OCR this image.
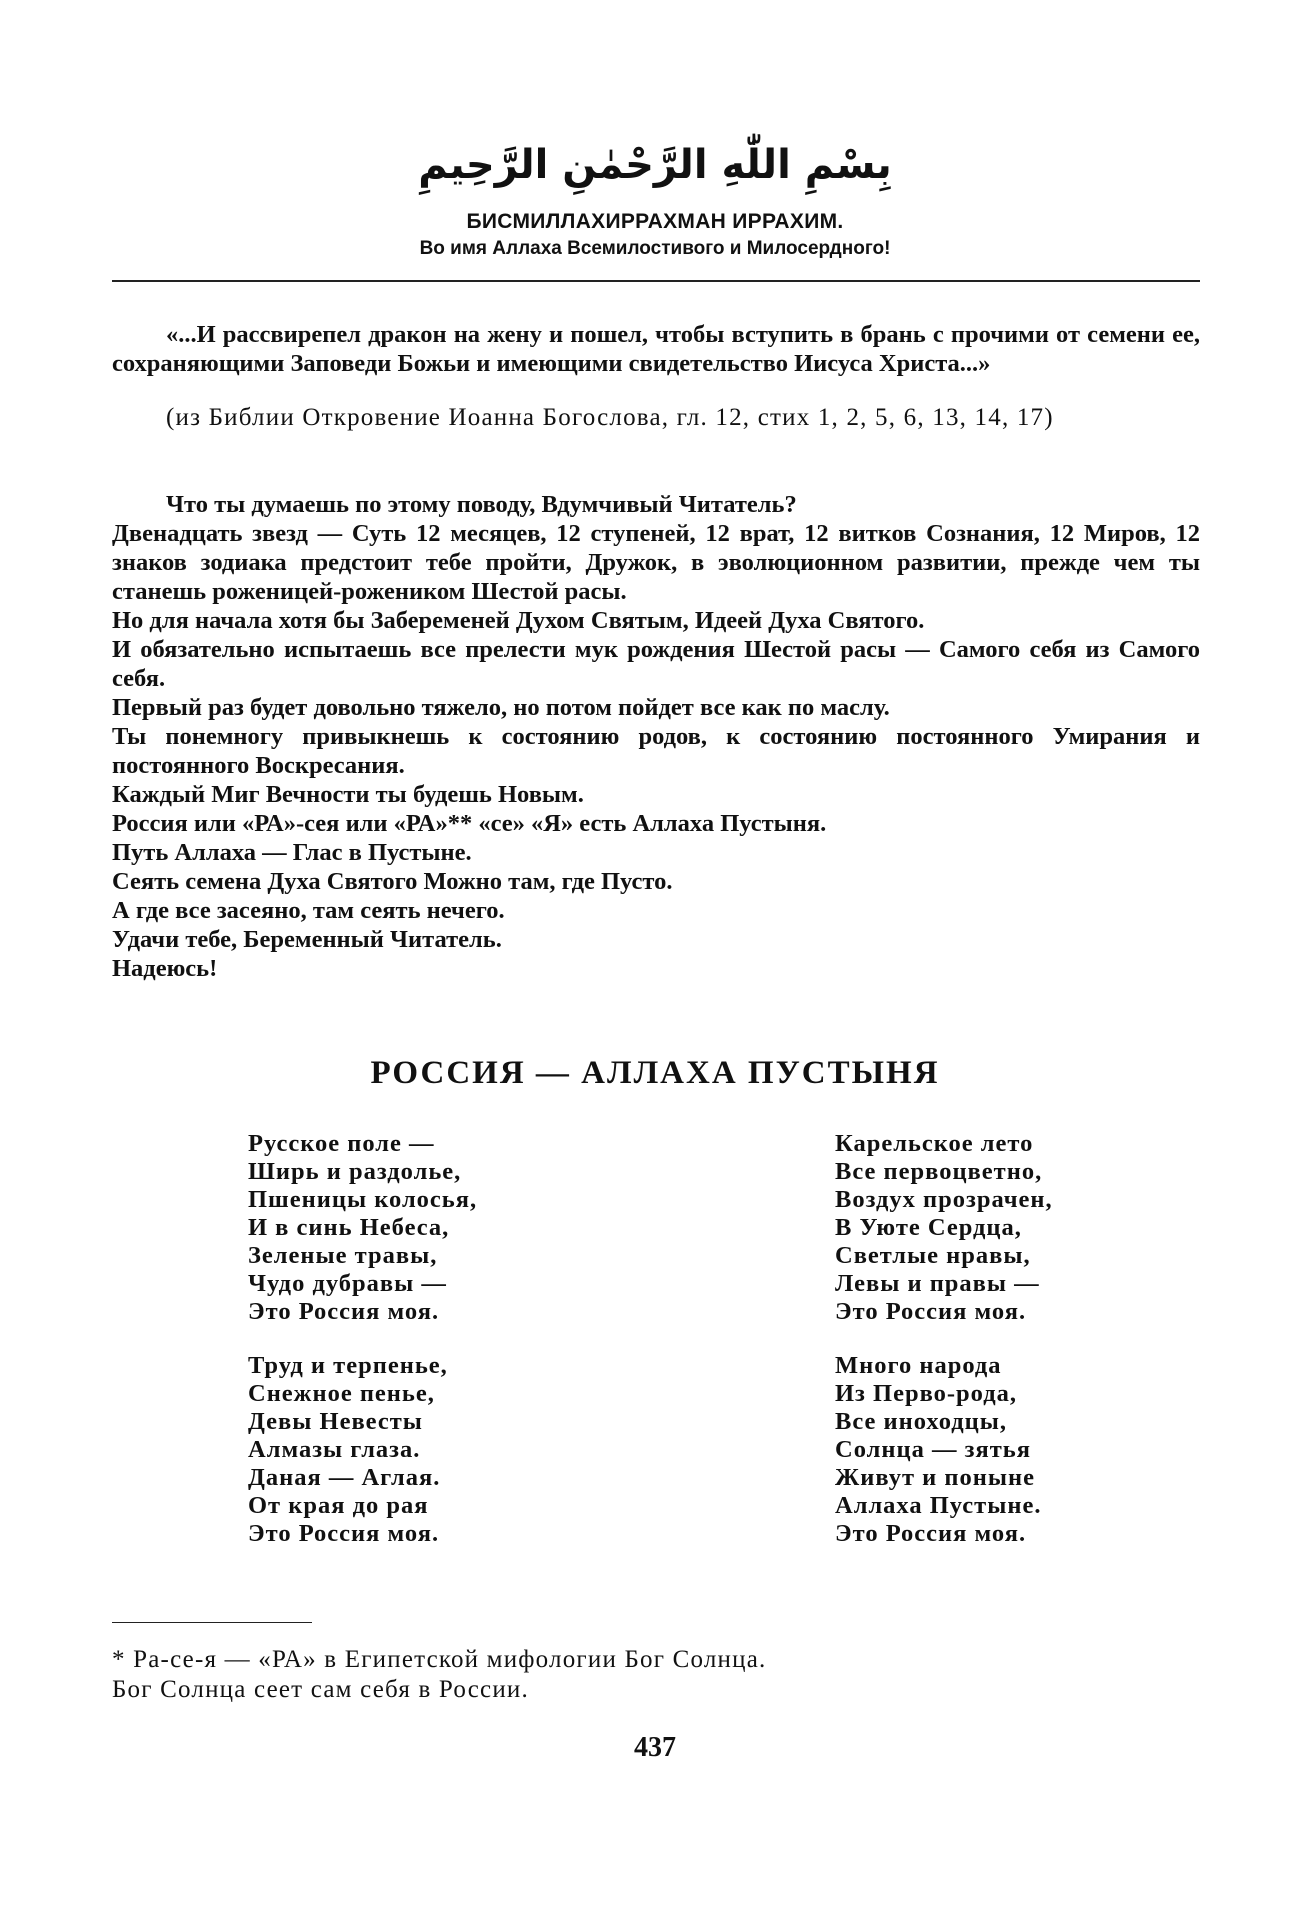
بِسْمِ اللّٰهِ الرَّحْمٰنِ الرَّحِيمِ
БИСМИЛЛАХИРРАХМАН ИРРАХИМ.
Во имя Аллаха Всемилостивого и Милосердного!
«...И рассвирепел дракон на жену и пошел, чтобы вступить в брань с прочими от семени ее, сохраняющими Заповеди Божьи и имеющими свидетельство Иисуса Христа...»
(из Библии Откровение Иоанна Богослова, гл. 12, стих 1, 2, 5, 6, 13, 14, 17)

Что ты думаешь по этому поводу, Вдумчивый Читатель?

Двенадцать звезд — Суть 12 месяцев, 12 ступеней, 12 врат, 12 витков Сознания, 12 Миров, 12 знаков зодиака предстоит тебе пройти, Дружок, в эволюционном развитии, прежде чем ты станешь роженицей-рожеником Шестой расы.

Но для начала хотя бы Забеременей Духом Святым, Идеей Духа Святого.

И обязательно испытаешь все прелести мук рождения Шестой расы — Самого себя из Самого себя.

Первый раз будет довольно тяжело, но потом пойдет все как по маслу.

Ты понемногу привыкнешь к состоянию родов, к состоянию постоянного Умирания и постоянного Воскресания.

Каждый Миг Вечности ты будешь Новым.

Россия или «РА»-сея или «РА»** «се» «Я» есть Аллаха Пустыня.

Путь Аллаха — Глас в Пустыне.

Сеять семена Духа Святого Можно там, где Пусто.

А где все засеяно, там сеять нечего.

Удачи тебе, Беременный Читатель.

Надеюсь!

РОССИЯ — АЛЛАХА ПУСТЫНЯ

Русское поле —

Ширь и раздолье,

Пшеницы колосья,

И в синь Небеса,

Зеленые травы,

Чудо дубравы —

Это Россия моя.

Труд и терпенье,

Снежное пенье,

Девы Невесты

Алмазы глаза.

Даная — Аглая.

От края до рая

Это Россия моя.

Карельское лето

Все первоцветно,

Воздух прозрачен,

В Уюте Сердца,

Светлые нравы,

Левы и правы —

Это Россия моя.

Много народа

Из Перво-рода,

Все иноходцы,

Солнца — зятья

Живут и поныне

Аллаха Пустыне.

Это Россия моя.

* Ра-се-я — «РА» в Египетской мифологии Бог Солнца.

Бог Солнца сеет сам себя в России.

437
